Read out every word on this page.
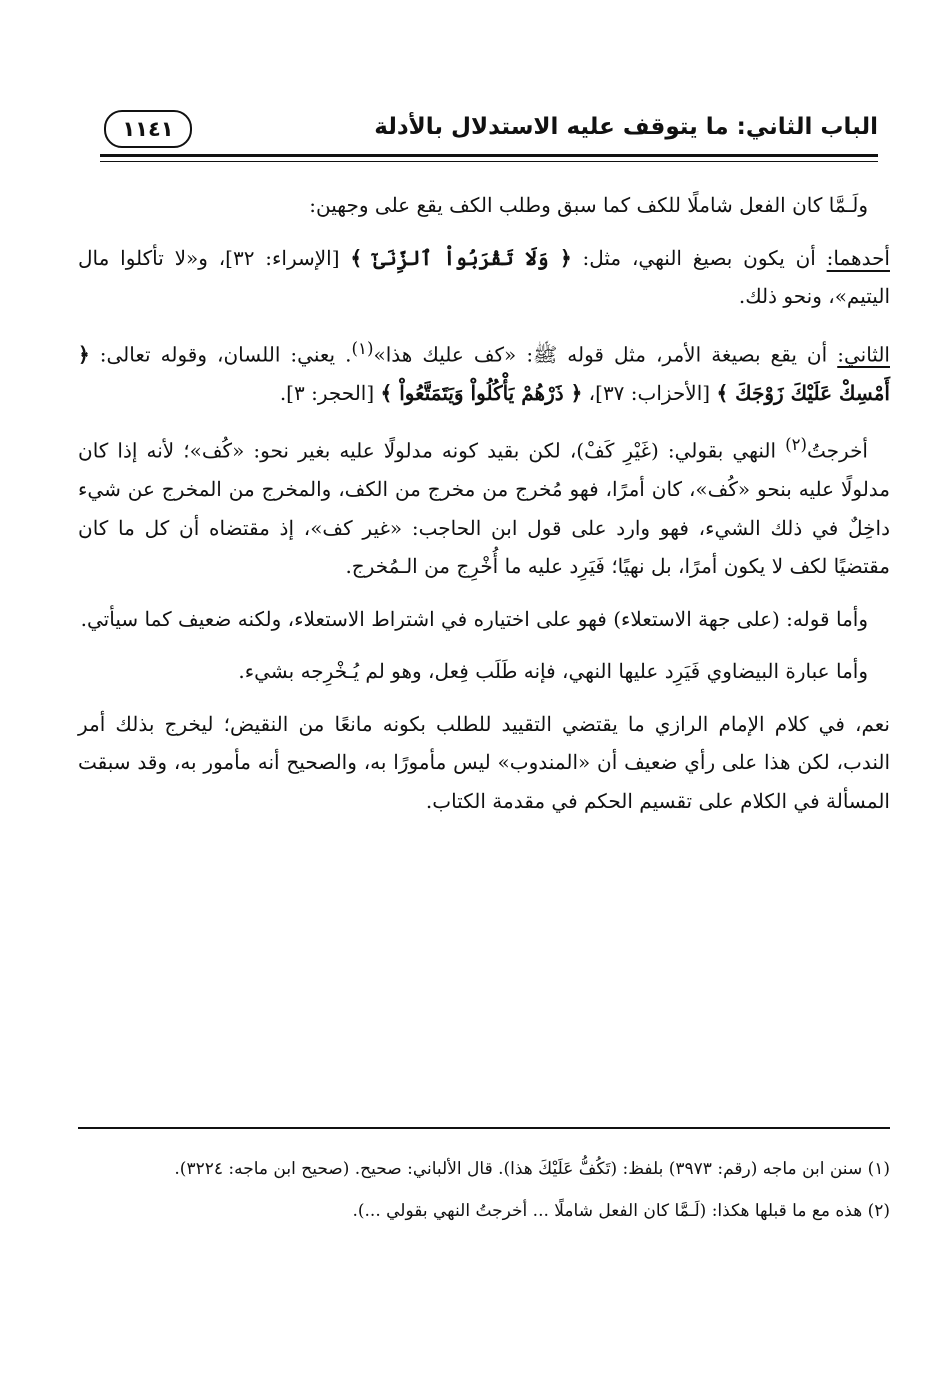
الباب الثاني: ما يتوقف عليه الاستدلال بالأدلة
١١٤١

ولَـمَّا كان الفعل شاملًا للكف كما سبق وطلب الكف يقع على وجهين:

أحدهما: أن يكون بصيغ النهي، مثل: ﴿ وَلَا تَقْرَبُواْ ٱلزِّنَىٰٓ ﴾ [الإسراء: ٣٢]، و«لا تأكلوا مال اليتيم»، ونحو ذلك.

الثاني: أن يقع بصيغة الأمر، مثل قوله ﷺ: «كف عليك هذا»$^{(١)}$. يعني: اللسان، وقوله تعالى: ﴿ أَمْسِكْ عَلَيْكَ زَوْجَكَ ﴾ [الأحزاب: ٣٧]، ﴿ ذَرْهُمْ يَأْكُلُواْ وَيَتَمَتَّعُواْ ﴾ [الحجر: ٣].

أخرجتُ$^{(٢)}$ النهي بقولي: (غَيْرِ كَفْ)، لكن بقيد كونه مدلولًا عليه بغير نحو: «كُف»؛ لأنه إذا كان مدلولًا عليه بنحو «كُف»، كان أمرًا، فهو مُخرج من مخرج من الكف، والمخرج من المخرج عن شيء داخِلٌ في ذلك الشيء، فهو وارد على قول ابن الحاجب: «غير كف»، إذ مقتضاه أن كل ما كان مقتضيًا لكف لا يكون أمرًا، بل نهيًا؛ فَيَرِد عليه ما أُخْرِج من الـمُخرج.

وأما قوله: (على جهة الاستعلاء) فهو على اختياره في اشتراط الاستعلاء، ولكنه ضعيف كما سيأتي.

وأما عبارة البيضاوي فَيَرِد عليها النهي، فإنه طَلَب فِعل، وهو لم يُـخْرِجه بشيء.

نعم، في كلام الإمام الرازي ما يقتضي التقييد للطلب بكونه مانعًا من النقيض؛ ليخرج بذلك أمر الندب، لكن هذا على رأي ضعيف أن «المندوب» ليس مأمورًا به، والصحيح أنه مأمور به، وقد سبقت المسألة في الكلام على تقسيم الحكم في مقدمة الكتاب.

(١) سنن ابن ماجه (رقم: ٣٩٧٣) بلفظ: (تَكُفُّ عَلَيْكَ هذا). قال الألباني: صحيح. (صحيح ابن ماجه: ٣٢٢٤).

(٢) هذه مع ما قبلها هكذا: (لَـمَّا كان الفعل شاملًا ... أخرجتُ النهي بقولي ...).
